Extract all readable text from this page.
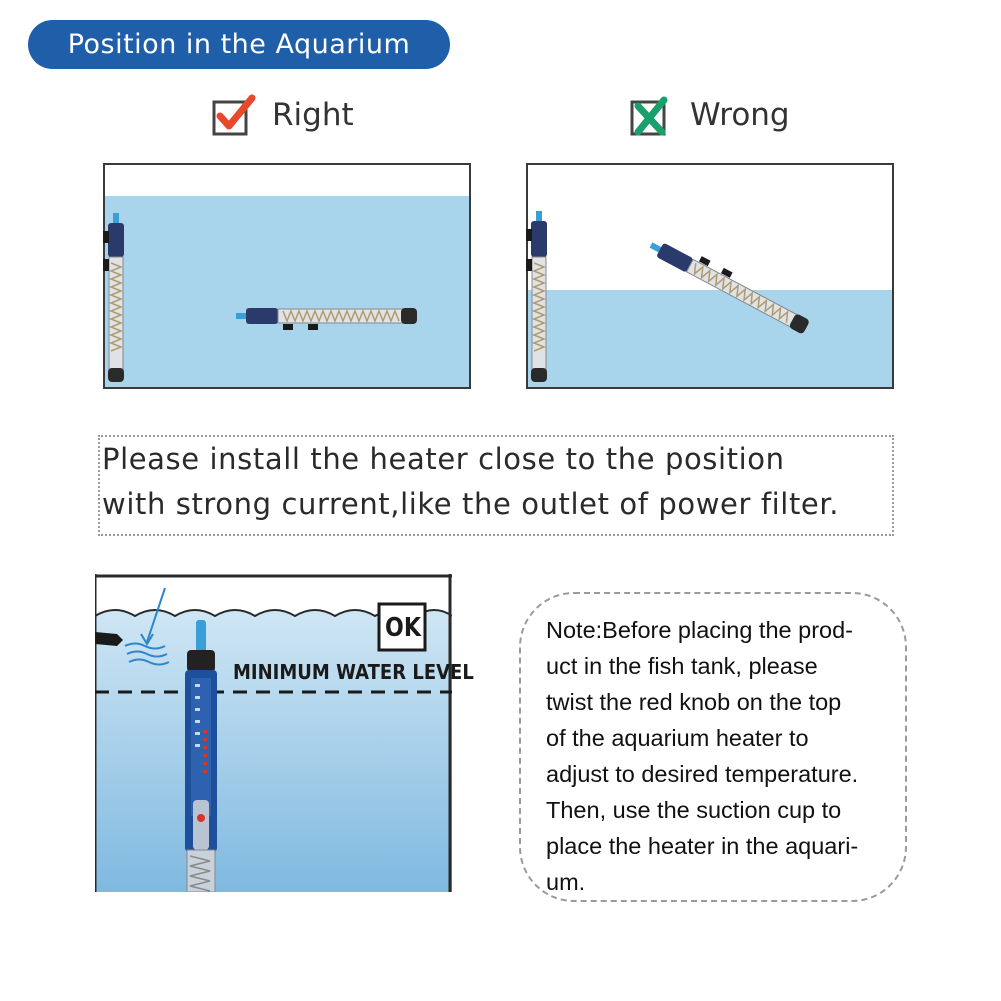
Position in the Aquarium
Right	Wrong
Please install the heater close to the position
with strong current,like the outlet of power filter.
OK
MINIMUM WATER LEVEL
Note:Before placing the prod-
uct in the fish tank, please
twist the red knob on the top
of the aquarium heater to
adjust to desired temperature.
Then, use the suction cup to
place the heater in the aquari-
um.
